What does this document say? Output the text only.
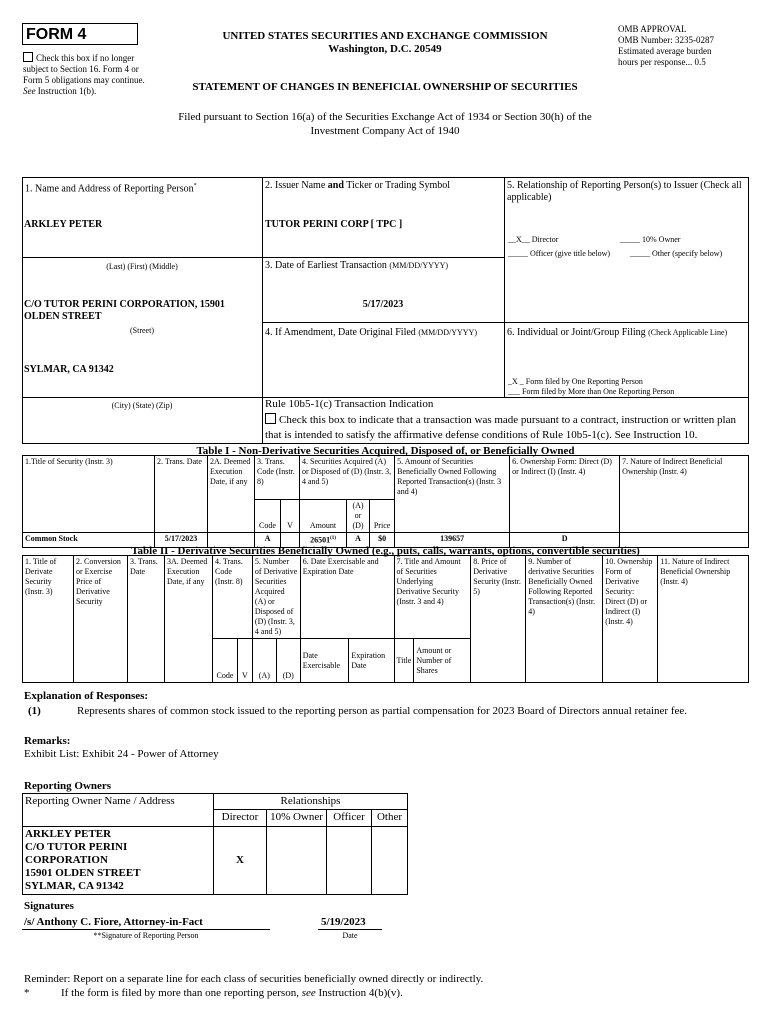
FORM 4
Check this box if no longer subject to Section 16. Form 4 or Form 5 obligations may continue. See Instruction 1(b).
UNITED STATES SECURITIES AND EXCHANGE COMMISSION
Washington, D.C. 20549
STATEMENT OF CHANGES IN BENEFICIAL OWNERSHIP OF SECURITIES
OMB APPROVAL
OMB Number: 3235-0287
Estimated average burden
hours per response... 0.5
Filed pursuant to Section 16(a) of the Securities Exchange Act of 1934 or Section 30(h) of the
Investment Company Act of 1940
1. Name and Address of Reporting Person*
ARKLEY PETER
(Last) (First) (Middle)
C/O TUTOR PERINI CORPORATION, 15901 OLDEN STREET
(Street)
SYLMAR, CA 91342
(City) (State) (Zip)
2. Issuer Name and Ticker or Trading Symbol
TUTOR PERINI CORP [ TPC ]
3. Date of Earliest Transaction (MM/DD/YYYY)
5/17/2023
4. If Amendment, Date Original Filed (MM/DD/YYYY)
5. Relationship of Reporting Person(s) to Issuer (Check all applicable)
__X__ Director	_____ 10% Owner
_____ Officer (give title below) _____ Other (specify below)
6. Individual or Joint/Group Filing (Check Applicable Line)
_X _ Form filed by One Reporting Person
___ Form filed by More than One Reporting Person
Rule 10b5-1(c) Transaction Indication
Check this box to indicate that a transaction was made pursuant to a contract, instruction or written plan that is intended to satisfy the affirmative defense conditions of Rule 10b5-1(c). See Instruction 10.
Table I - Non-Derivative Securities Acquired, Disposed of, or Beneficially Owned
1.Title of Security (Instr. 3)	2. Trans. Date	2A. Deemed Execution Date, if any	3. Trans. Code (Instr. 8)		4. Securities Acquired (A) or Disposed of (D) (Instr. 3, 4 and 5)			5. Amount of Securities Beneficially Owned Following Reported Transaction(s) (Instr. 3 and 4)	6. Ownership Form: Direct (D) or Indirect (I) (Instr. 4)	7. Nature of Indirect Beneficial Ownership (Instr. 4)
			Code	V	Amount	(A) or (D)	Price			
Common Stock	5/17/2023		A		26501$^{(1)}$	A	$0	139657	D	
Table II - Derivative Securities Beneficially Owned (e.g., puts, calls, warrants, options, convertible securities)
1. Title of Derivate Security (Instr. 3)	2. Conversion or Exercise Price of Derivative Security	3. Trans. Date	3A. Deemed Execution Date, if any	4. Trans. Code (Instr. 8)		5. Number of Derivative Securities Acquired (A) or Disposed of (D) (Instr. 3, 4 and 5)		6. Date Exercisable and Expiration Date		7. Title and Amount of Securities Underlying Derivative Security (Instr. 3 and 4)		8. Price of Derivative Security (Instr. 5)	9. Number of derivative Securities Beneficially Owned Following Reported Transaction(s) (Instr. 4)	10. Ownership Form of Derivative Security: Direct (D) or Indirect (I) (Instr. 4)	11. Nature of Indirect Beneficial Ownership (Instr. 4)
				Code	V	(A)	(D)	Date Exercisable	Expiration Date	Title	Amount or Number of Shares				
Explanation of Responses:
(1)	Represents shares of common stock issued to the reporting person as partial compensation for 2023 Board of Directors annual retainer fee.
Remarks:
Exhibit List: Exhibit 24 - Power of Attorney
Reporting Owners
Reporting Owner Name / Address	Relationships			
	Director	10% Owner	Officer	Other

ARKLEY PETER
C/O TUTOR PERINI CORPORATION
15901 OLDEN STREET
SYLMAR, CA 91342	X			
Signatures
/s/ Anthony C. Fiore, Attorney-in-Fact
**Signature of Reporting Person
5/19/2023
Date
Reminder: Report on a separate line for each class of securities beneficially owned directly or indirectly.
*	If the form is filed by more than one reporting person, see Instruction 4(b)(v).
